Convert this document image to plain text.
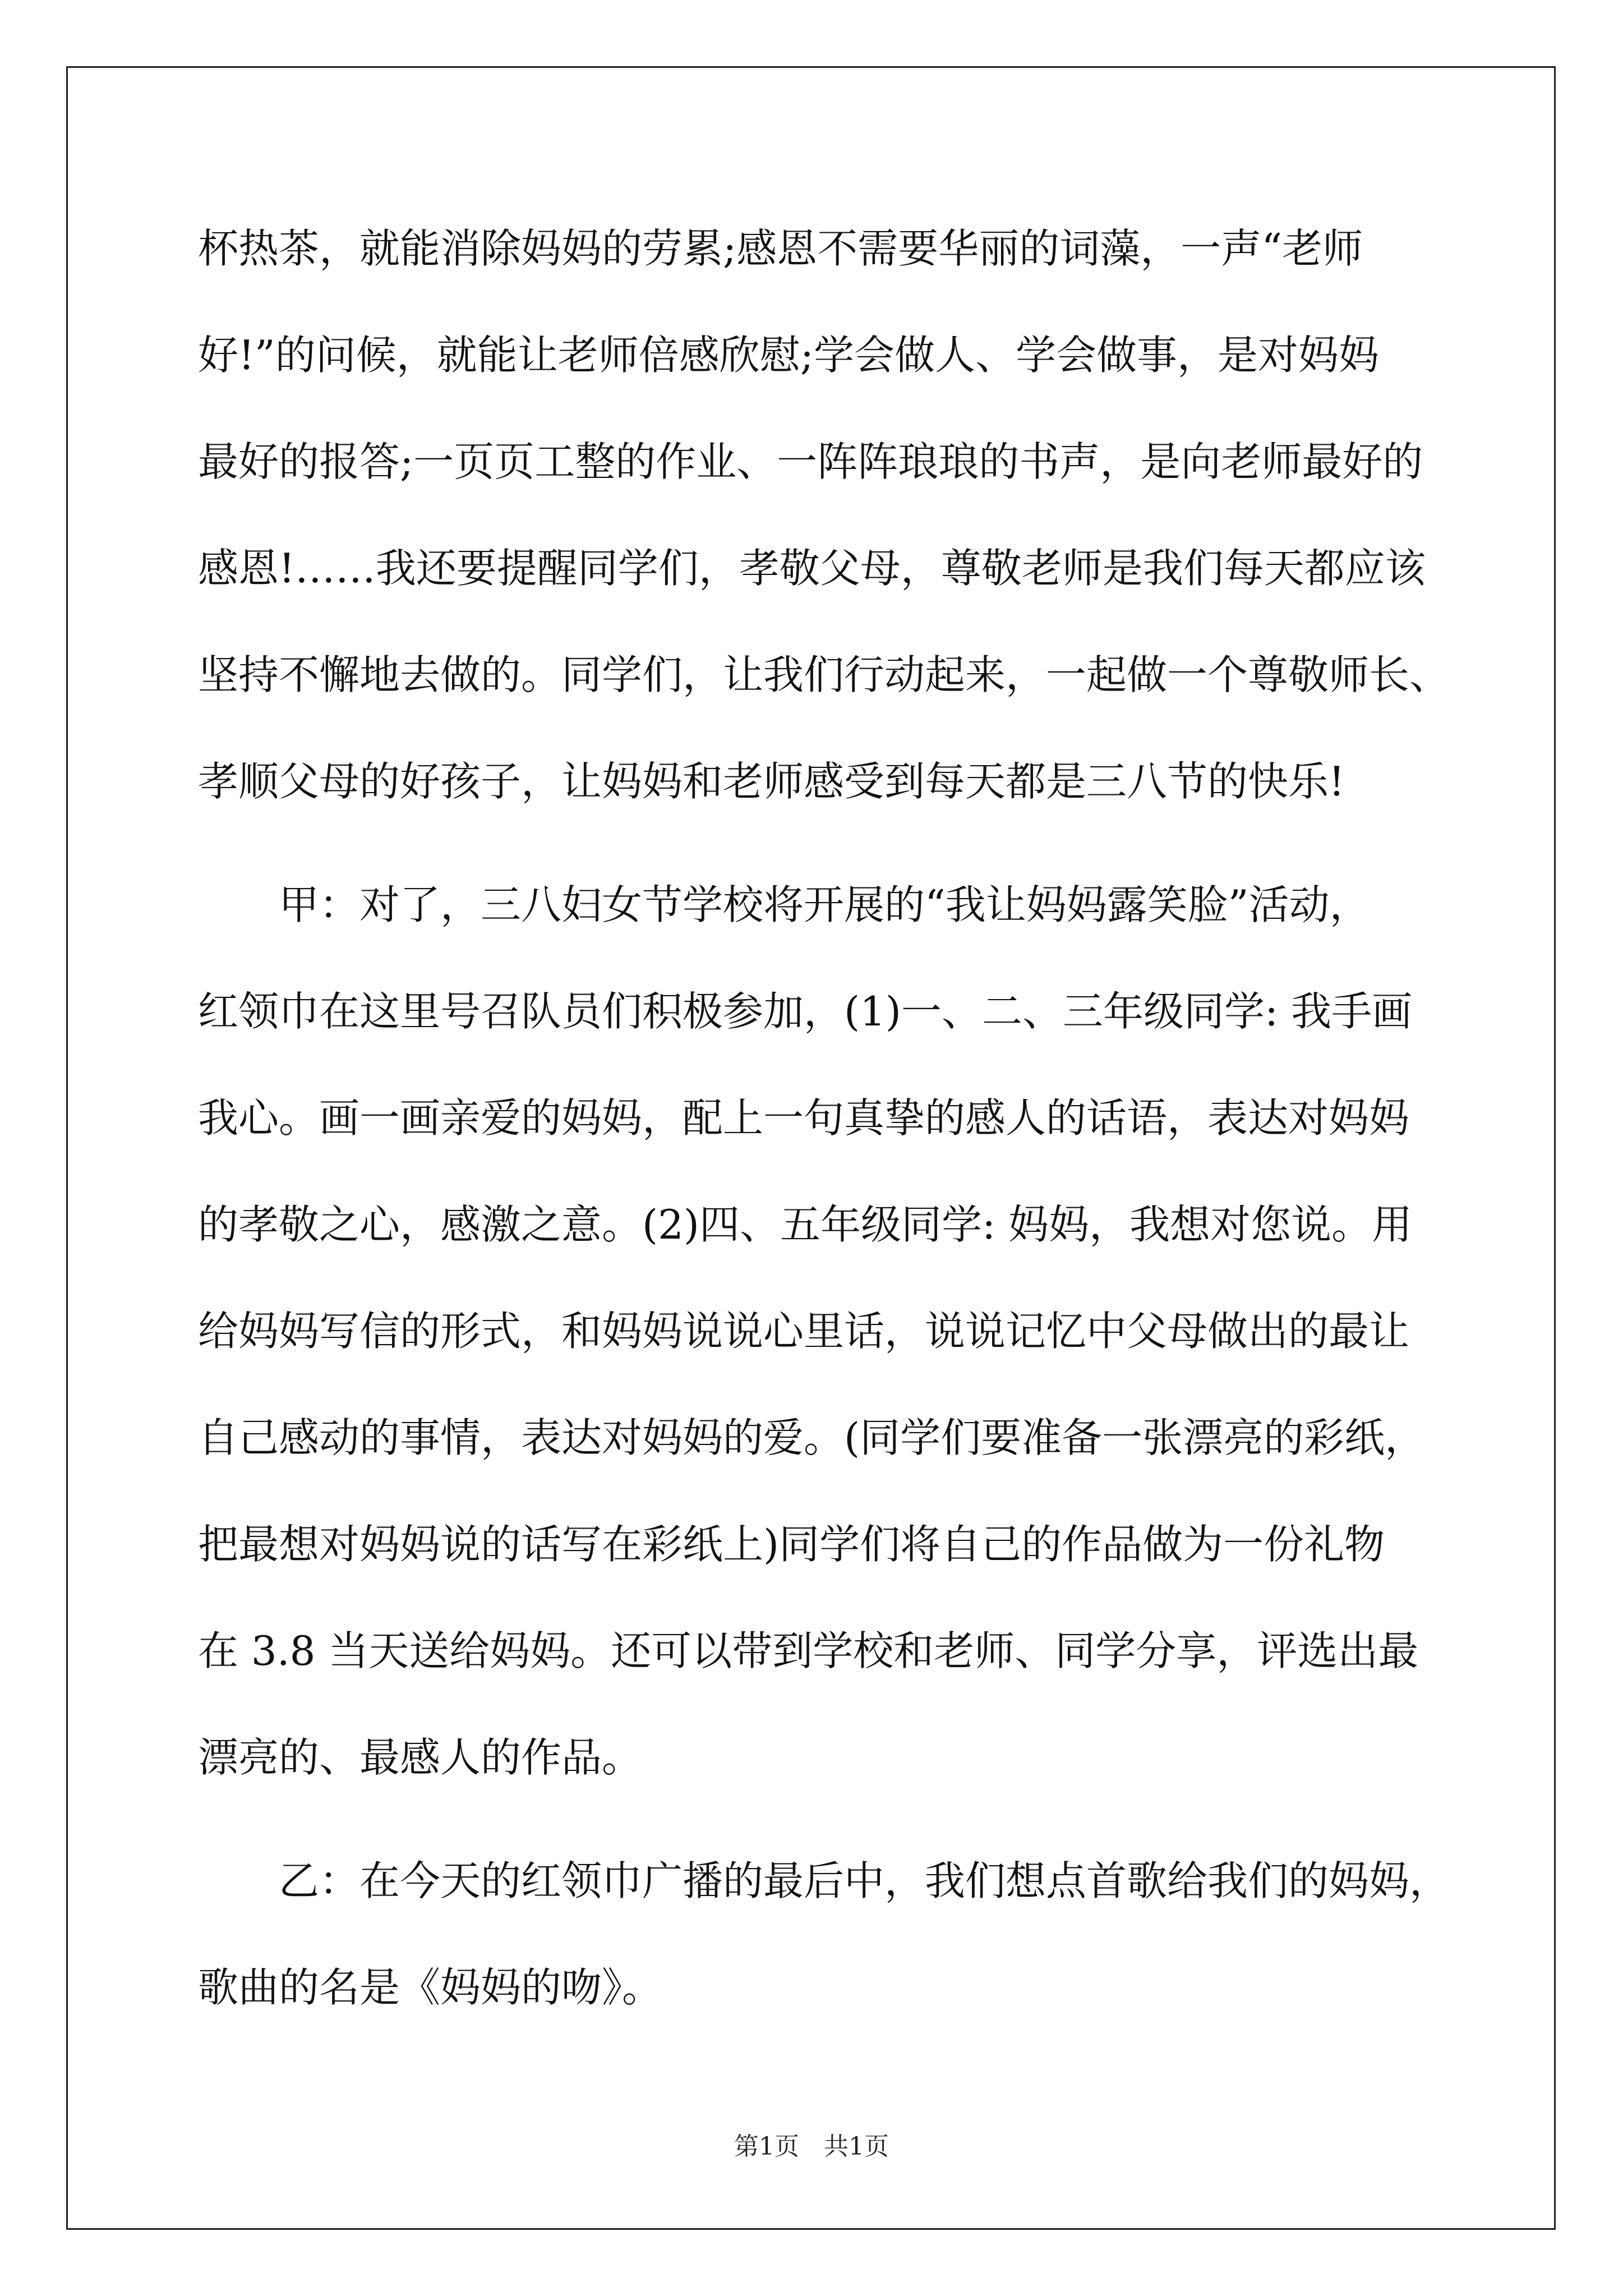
杯热茶，就能消除妈妈的劳累;感恩不需要华丽的词藻，一声“老师
好!”的问候，就能让老师倍感欣慰;学会做人、学会做事，是对妈妈
最好的报答;一页页工整的作业、一阵阵琅琅的书声，是向老师最好的
感恩!……我还要提醒同学们，孝敬父母，尊敬老师是我们每天都应该
坚持不懈地去做的。同学们，让我们行动起来，一起做一个尊敬师长、
孝顺父母的好孩子，让妈妈和老师感受到每天都是三八节的快乐!
甲：对了，三八妇女节学校将开展的“我让妈妈露笑脸”活动，
红领巾在这里号召队员们积极参加，(1)一、二、三年级同学: 我手画
我心。画一画亲爱的妈妈，配上一句真挚的感人的话语，表达对妈妈
的孝敬之心，感激之意。(2)四、五年级同学: 妈妈，我想对您说。用
给妈妈写信的形式，和妈妈说说心里话，说说记忆中父母做出的最让
自己感动的事情，表达对妈妈的爱。(同学们要准备一张漂亮的彩纸，
把最想对妈妈说的话写在彩纸上)同学们将自己的作品做为一份礼物
在 3.8 当天送给妈妈。还可以带到学校和老师、同学分享，评选出最
漂亮的、最感人的作品。
乙：在今天的红领巾广播的最后中，我们想点首歌给我们的妈妈，
歌曲的名是《妈妈的吻》。
第1页　共1页
